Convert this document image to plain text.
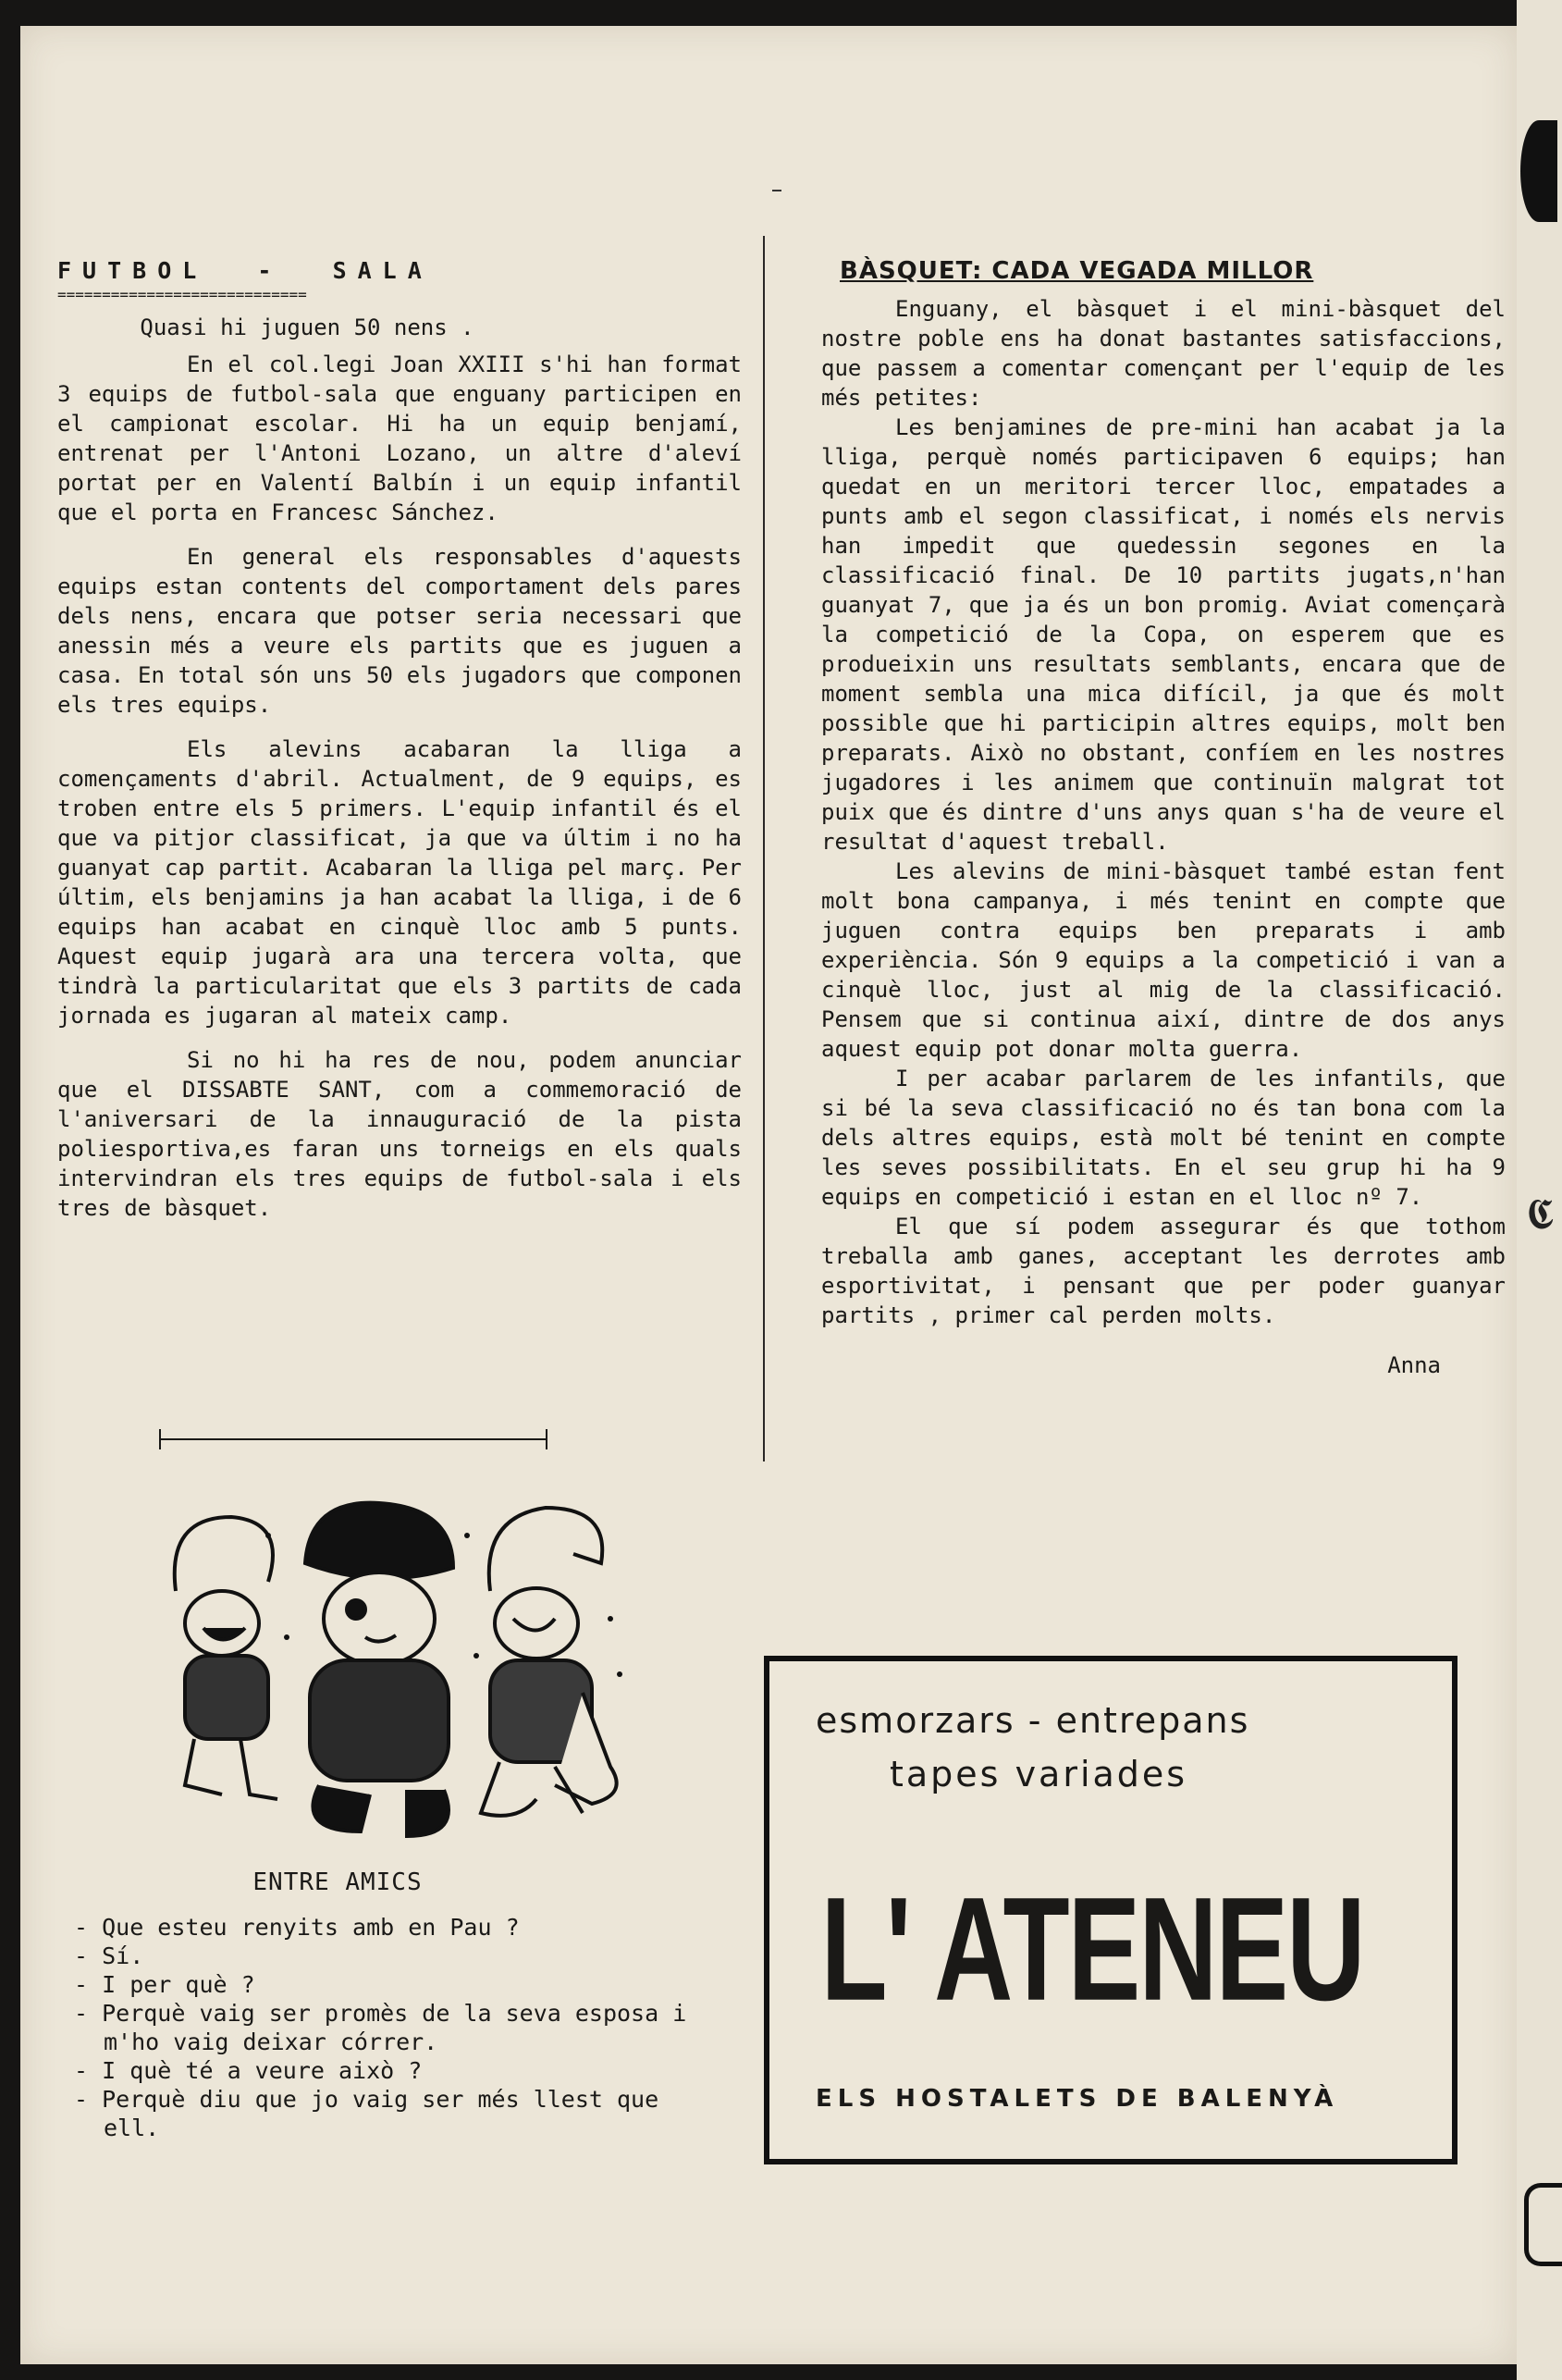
𝕮
FUTBOL  -  SALA
============================
Quasi hi juguen 50 nens .

En el col.legi Joan XXIII s'hi han format 3 equips de futbol-sala que enguany participen en el campionat escolar. Hi ha un equip benjamí, entrenat per l'Antoni Lozano, un altre d'aleví portat per en Valentí Balbín i un equip infantil que el porta en Francesc Sánchez.

En general els responsables d'aquests equips estan contents del comportament dels pares dels nens, encara que potser seria necessari que anessin més a veure els partits que es juguen a casa. En total són uns 50 els jugadors que componen els tres equips.

Els alevins acabaran la lliga a començaments d'abril. Actualment, de 9 equips, es troben entre els 5 primers. L'equip infantil és el que va pitjor classificat, ja que va últim i no ha guanyat cap partit. Acabaran la lliga pel març. Per últim, els benjamins ja han acabat la lliga, i de 6 equips han acabat en cinquè lloc amb 5 punts. Aquest equip jugarà ara una tercera volta, que tindrà la particularitat que els 3 partits de cada jornada es jugaran al mateix camp.

Si no hi ha res de nou, podem anunciar que el DISSABTE SANT, com a commemoració de l'aniversari de la innauguració de la pista poliesportiva,es faran uns torneigs en els quals intervindran els tres equips de futbol-sala i els tres de bàsquet.

BÀSQUET: CADA VEGADA MILLOR

Enguany, el bàsquet i el mini-bàsquet del nostre poble ens ha donat bastantes satisfaccions, que passem a comentar començant per l'equip de les més petites:

Les benjamines de pre-mini han acabat ja la lliga, perquè només participaven 6 equips; han quedat en un meritori tercer lloc, empatades a punts amb el segon classificat, i només els nervis han impedit que quedessin segones en la classificació final. De 10 partits jugats,n'han guanyat 7, que ja és un bon promig. Aviat començarà la competició de la Copa, on esperem que es produeixin uns resultats semblants, encara que de moment sembla una mica difícil, ja que és molt possible que hi participin altres equips, molt ben preparats. Això no obstant, confíem en les nostres jugadores i les animem que continuïn malgrat tot puix que és dintre d'uns anys quan s'ha de veure el resultat d'aquest treball.

Les alevins de mini-bàsquet també estan fent molt bona campanya, i més tenint en compte que juguen contra equips ben preparats i amb experiència. Són 9 equips a la competició i van a cinquè lloc, just al mig de la classificació. Pensem que si continua així, dintre de dos anys aquest equip pot donar molta guerra.

I per acabar parlarem de les infantils, que si bé la seva classificació no és tan bona com la dels altres equips, està molt bé tenint en compte les seves possibilitats. En el seu grup hi ha 9 equips en competició i estan en el lloc nº 7.

El que sí podem assegurar és que tothom treballa amb ganes, acceptant les derrotes amb esportivitat, i pensant que per poder guanyar partits , primer cal perden molts.

Anna
ENTRE AMICS
- Que esteu renyits amb en Pau ?
- Sí.
- I per què ?
- Perquè vaig ser promès de la seva esposa i m'ho vaig deixar córrer.
- I què té a veure això ?
- Perquè diu que jo vaig ser més llest que ell.
esmorzars - entrepans
tapes variades
L' ATENEU
ELS HOSTALETS DE BALENYÀ
